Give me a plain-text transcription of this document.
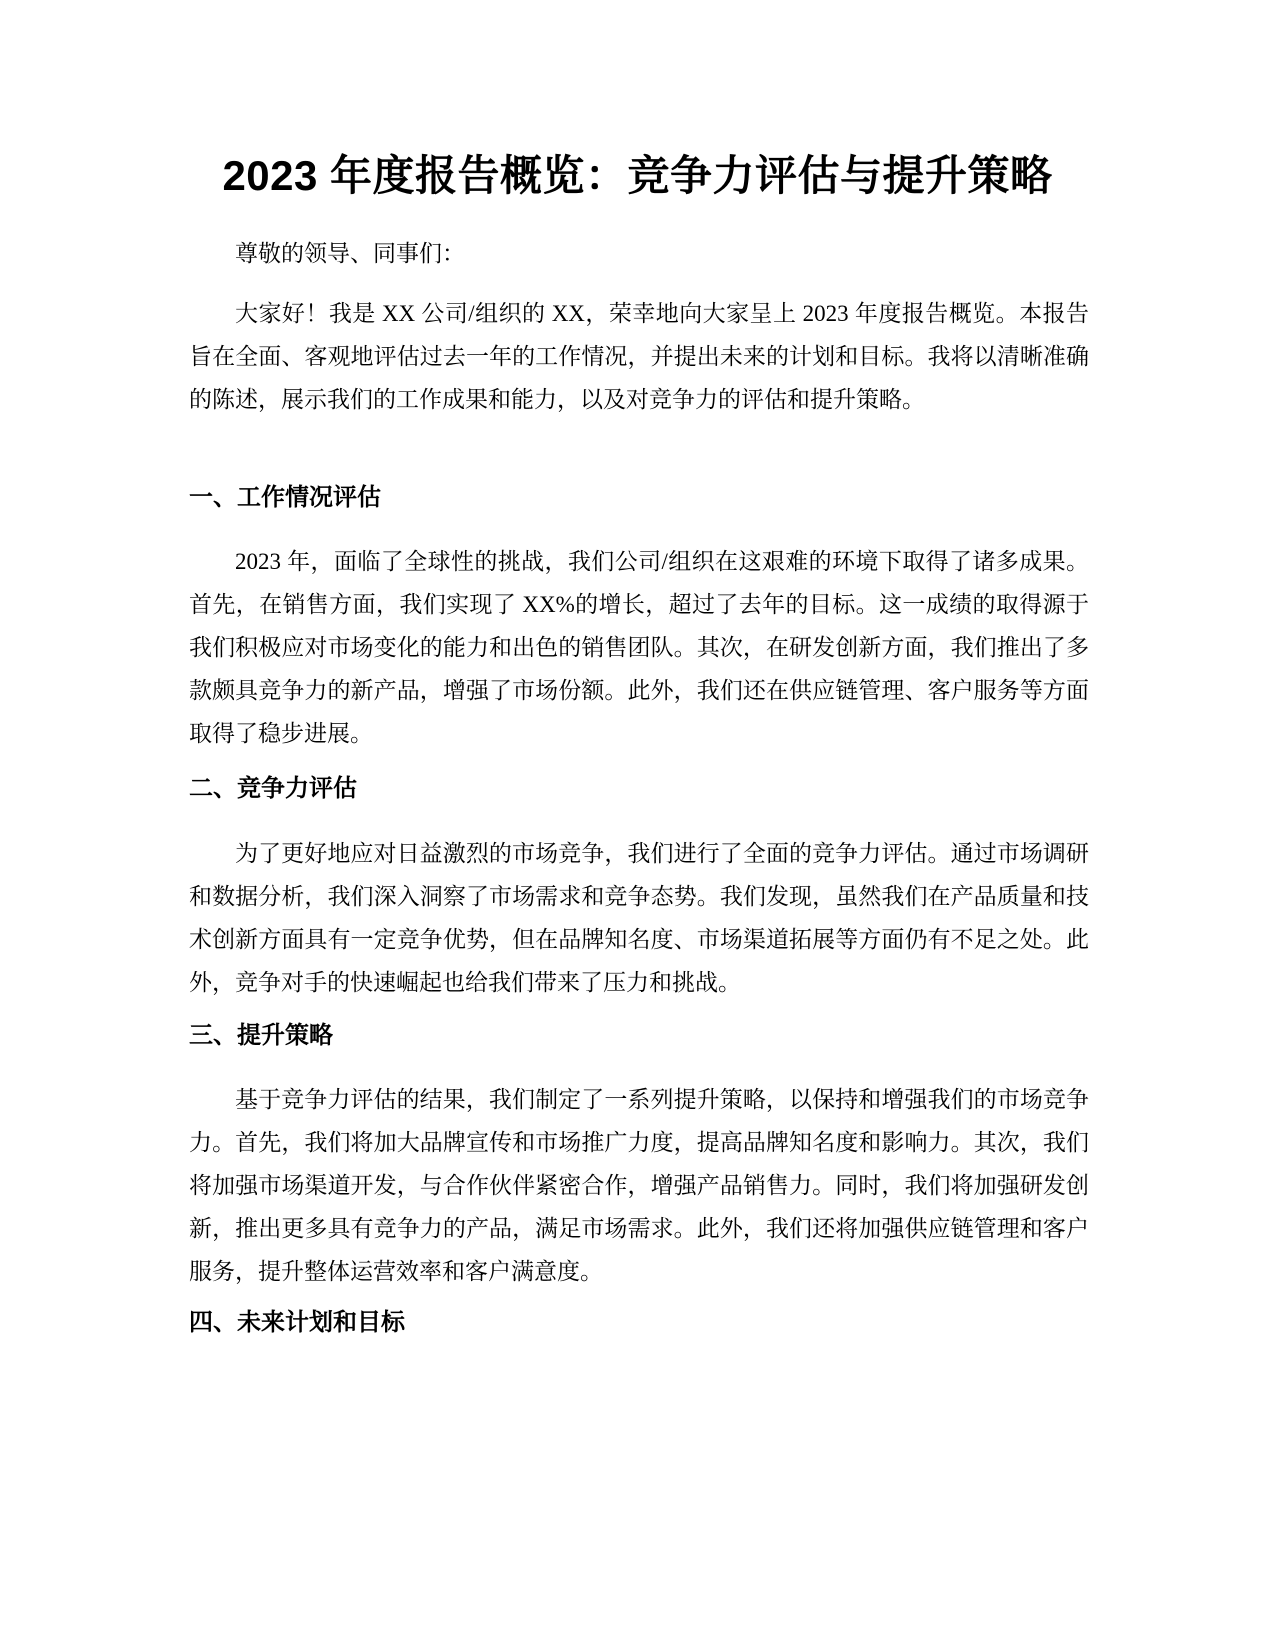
2023 年度报告概览：竞争力评估与提升策略

尊敬的领导、同事们：

大家好！我是 XX 公司/组织的 XX，荣幸地向大家呈上 2023 年度报告概览。本报告旨在全面、客观地评估过去一年的工作情况，并提出未来的计划和目标。我将以清晰准确的陈述，展示我们的工作成果和能力，以及对竞争力的评估和提升策略。

一、工作情况评估

2023 年，面临了全球性的挑战，我们公司/组织在这艰难的环境下取得了诸多成果。首先，在销售方面，我们实现了 XX%的增长，超过了去年的目标。这一成绩的取得源于我们积极应对市场变化的能力和出色的销售团队。其次，在研发创新方面，我们推出了多款颇具竞争力的新产品，增强了市场份额。此外，我们还在供应链管理、客户服务等方面取得了稳步进展。

二、竞争力评估

为了更好地应对日益激烈的市场竞争，我们进行了全面的竞争力评估。通过市场调研和数据分析，我们深入洞察了市场需求和竞争态势。我们发现，虽然我们在产品质量和技术创新方面具有一定竞争优势，但在品牌知名度、市场渠道拓展等方面仍有不足之处。此外，竞争对手的快速崛起也给我们带来了压力和挑战。

三、提升策略

基于竞争力评估的结果，我们制定了一系列提升策略，以保持和增强我们的市场竞争力。首先，我们将加大品牌宣传和市场推广力度，提高品牌知名度和影响力。其次，我们将加强市场渠道开发，与合作伙伴紧密合作，增强产品销售力。同时，我们将加强研发创新，推出更多具有竞争力的产品，满足市场需求。此外，我们还将加强供应链管理和客户服务，提升整体运营效率和客户满意度。

四、未来计划和目标
